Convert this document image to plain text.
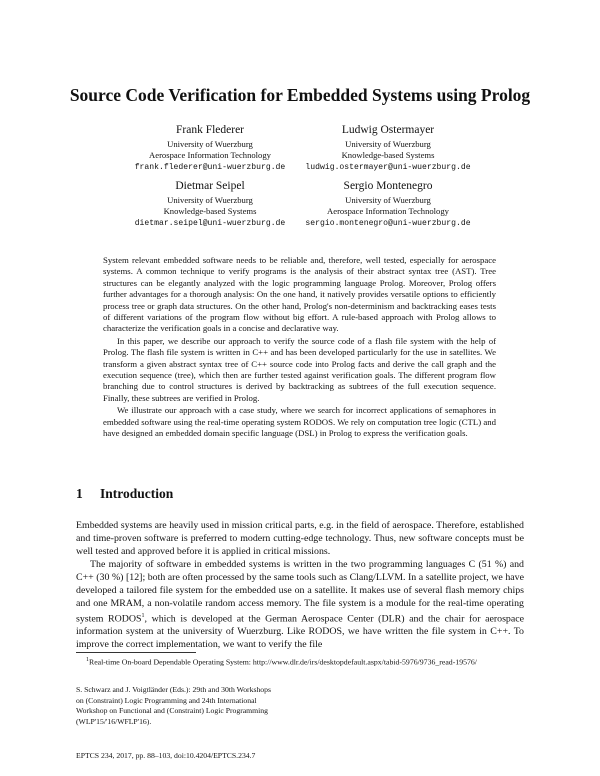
Source Code Verification for Embedded Systems using Prolog
Frank Flederer
University of Wuerzburg
Aerospace Information Technology
frank.flederer@uni-wuerzburg.de
Ludwig Ostermayer
University of Wuerzburg
Knowledge-based Systems
ludwig.ostermayer@uni-wuerzburg.de
Dietmar Seipel
University of Wuerzburg
Knowledge-based Systems
dietmar.seipel@uni-wuerzburg.de
Sergio Montenegro
University of Wuerzburg
Aerospace Information Technology
sergio.montenegro@uni-wuerzburg.de

System relevant embedded software needs to be reliable and, therefore, well tested, especially for aerospace systems. A common technique to verify programs is the analysis of their abstract syntax tree (AST). Tree structures can be elegantly analyzed with the logic programming language Prolog. Moreover, Prolog offers further advantages for a thorough analysis: On the one hand, it natively provides versatile options to efficiently process tree or graph data structures. On the other hand, Prolog's non-determinism and backtracking eases tests of different variations of the program flow without big effort. A rule-based approach with Prolog allows to characterize the verification goals in a concise and declarative way.

In this paper, we describe our approach to verify the source code of a flash file system with the help of Prolog. The flash file system is written in C++ and has been developed particularly for the use in satellites. We transform a given abstract syntax tree of C++ source code into Prolog facts and derive the call graph and the execution sequence (tree), which then are further tested against verification goals. The different program flow branching due to control structures is derived by backtracking as subtrees of the full execution sequence. Finally, these subtrees are verified in Prolog.

We illustrate our approach with a case study, where we search for incorrect applications of semaphores in embedded software using the real-time operating system RODOS. We rely on computation tree logic (CTL) and have designed an embedded domain specific language (DSL) in Prolog to express the verification goals.

1 Introduction

Embedded systems are heavily used in mission critical parts, e.g. in the field of aerospace. Therefore, established and time-proven software is preferred to modern cutting-edge technology. Thus, new software concepts must be well tested and approved before it is applied in critical missions.

The majority of software in embedded systems is written in the two programming languages C (51 %) and C++ (30 %) [12]; both are often processed by the same tools such as Clang/LLVM. In a satellite project, we have developed a tailored file system for the embedded use on a satellite. It makes use of several flash memory chips and one MRAM, a non-volatile random access memory. The file system is a module for the real-time operating system RODOS$^1$, which is developed at the German Aerospace Center (DLR) and the chair for aerospace information system at the university of Wuerzburg. Like RODOS, we have written the file system in C++. To improve the correct implementation, we want to verify the file

$^1$Real-time On-board Dependable Operating System: http://www.dlr.de/irs/desktopdefault.aspx/tabid-5976/9736_read-19576/

S. Schwarz and J. Voigtländer (Eds.): 29th and 30th Workshops
on (Constraint) Logic Programming and 24th International
Workshop on Functional and (Constraint) Logic Programming
(WLP'15/'16/WFLP'16).
EPTCS 234, 2017, pp. 88–103, doi:10.4204/EPTCS.234.7
